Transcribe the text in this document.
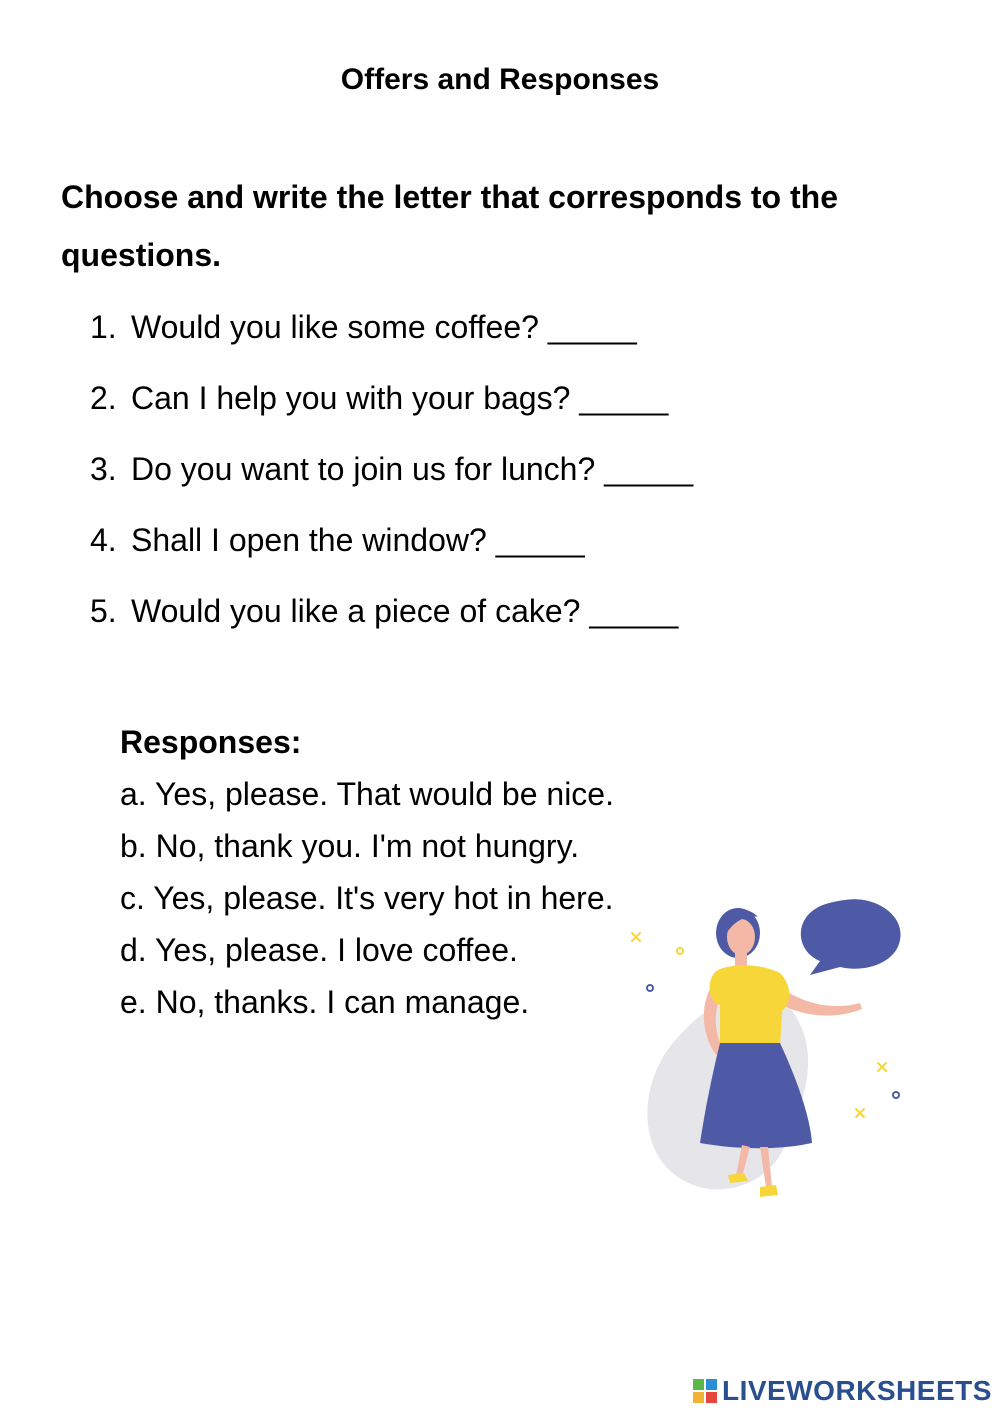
Offers and Responses
Choose and write the letter that corresponds to the questions.
1. Would you like some coffee? _____
2. Can I help you with your bags? _____
3. Do you want to join us for lunch? _____
4. Shall I open the window? _____
5. Would you like a piece of cake? _____
Responses:
a. Yes, please. That would be nice.
b. No, thank you. I'm not hungry.
c. Yes, please. It's very hot in here.
d. Yes, please. I love coffee.
e. No, thanks. I can manage.
LIVEWORKSHEETS
